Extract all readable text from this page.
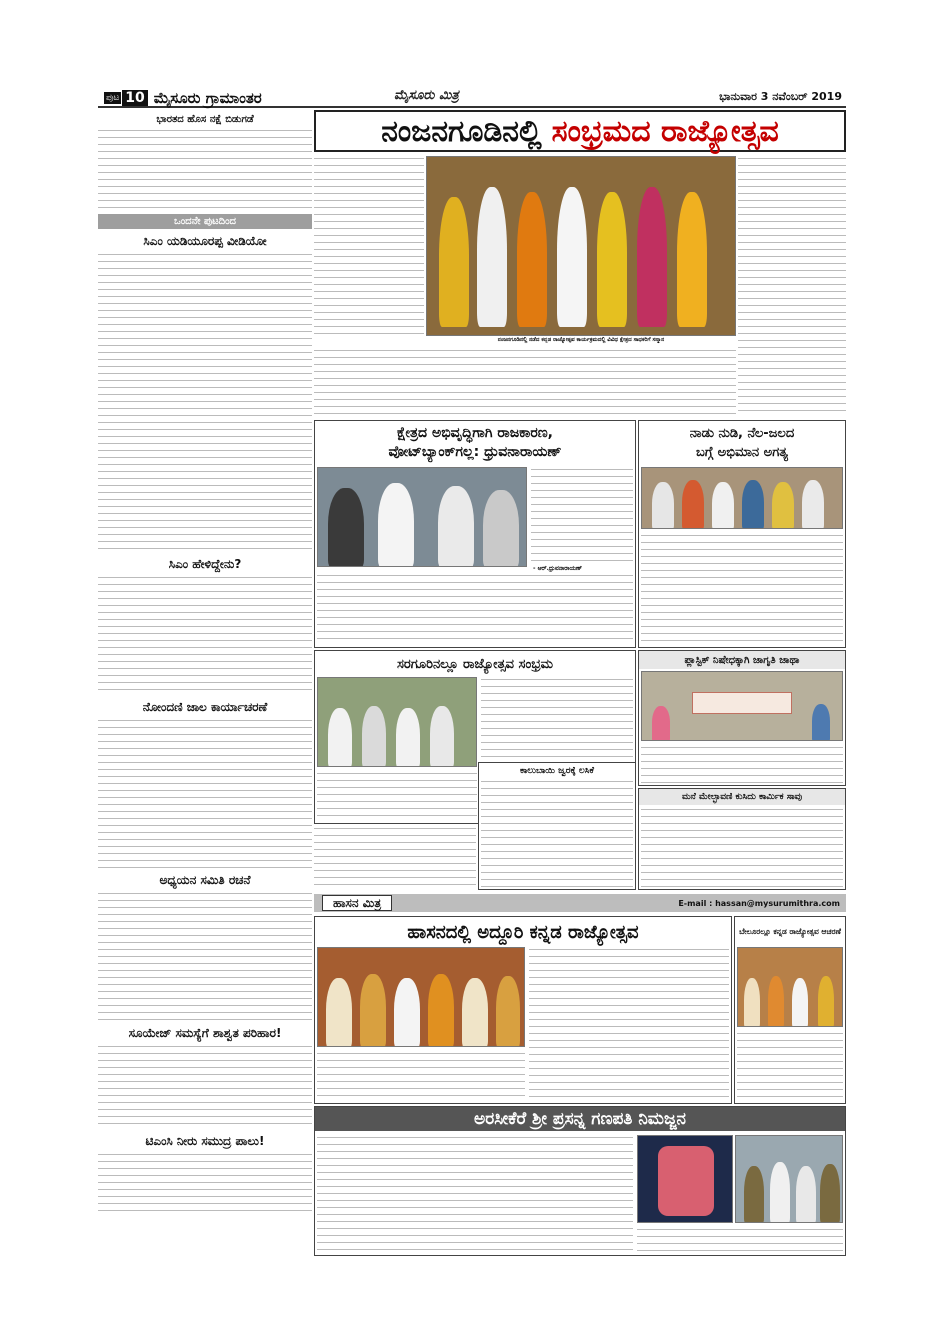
ಪುಟ 10 ಮೈಸೂರು ಗ್ರಾಮಾಂತರ	ಮೈಸೂರು ಮಿತ್ರ	ಭಾನುವಾರ 3 ನವೆಂಬರ್ 2019
ಭಾರತದ ಹೊಸ ನಕ್ಷೆ ಬಿಡುಗಡೆ
ಒಂದನೇ ಪುಟದಿಂದ
ಸಿಎಂ ಯಡಿಯೂರಪ್ಪ ವೀಡಿಯೋ
ಸಿಎಂ ಹೇಳಿದ್ದೇನು?
ನೋಂದಣಿ ಜಾಲ ಕಾರ್ಯಾಚರಣೆ
ಅಧ್ಯಯನ ಸಮಿತಿ ರಚನೆ
ಸೂಯೇಜ್ ಸಮಸ್ಯೆಗೆ ಶಾಶ್ವತ ಪರಿಹಾರ!
ಟಿಎಂಸಿ ನೀರು ಸಮುದ್ರ ಪಾಲು!
ನಂಜನಗೂಡಿನಲ್ಲಿ ಸಂಭ್ರಮದ ರಾಜ್ಯೋತ್ಸವ
ನಂಜನಗೂಡಿನಲ್ಲಿ ನಡೆದ ಕನ್ನಡ ರಾಜ್ಯೋತ್ಸವ ಕಾರ್ಯಕ್ರಮದಲ್ಲಿ ವಿವಿಧ ಕ್ಷೇತ್ರದ ಸಾಧಕರಿಗೆ ಸನ್ಮಾನ
ಕ್ಷೇತ್ರದ ಅಭಿವೃದ್ಧಿಗಾಗಿ ರಾಜಕಾರಣ,
ವೋಟ್‌ಬ್ಯಾಂಕ್‌ಗಲ್ಲ: ಧ್ರುವನಾರಾಯಣ್
- ಆರ್.ಧ್ರುವನಾರಾಯಣ್
ನಾಡು ನುಡಿ, ನೆಲ-ಜಲದ
ಬಗ್ಗೆ ಅಭಿಮಾನ ಅಗತ್ಯ
ಸರಗೂರಿನಲ್ಲೂ ರಾಜ್ಯೋತ್ಸವ ಸಂಭ್ರಮ
ಕಾಲುಬಾಯಿ ಜ್ವರಕ್ಕೆ ಲಸಿಕೆ
ಪ್ಲಾಸ್ಟಿಕ್ ನಿಷೇಧಕ್ಕಾಗಿ ಜಾಗೃತಿ ಜಾಥಾ
ಮನೆ ಮೇಲ್ಛಾವಣಿ ಕುಸಿದು ಕಾರ್ಮಿಕ ಸಾವು
ಹಾಸನ ಮಿತ್ರ	E-mail : hassan@mysurumithra.com
ಹಾಸನದಲ್ಲಿ ಅದ್ದೂರಿ ಕನ್ನಡ ರಾಜ್ಯೋತ್ಸವ	ಬೇಲೂರಲ್ಲೂ ಕನ್ನಡ ರಾಜ್ಯೋತ್ಸವ ಆಚರಣೆ
ಅರಸೀಕೆರೆ ಶ್ರೀ ಪ್ರಸನ್ನ ಗಣಪತಿ ನಿಮಜ್ಜನ
